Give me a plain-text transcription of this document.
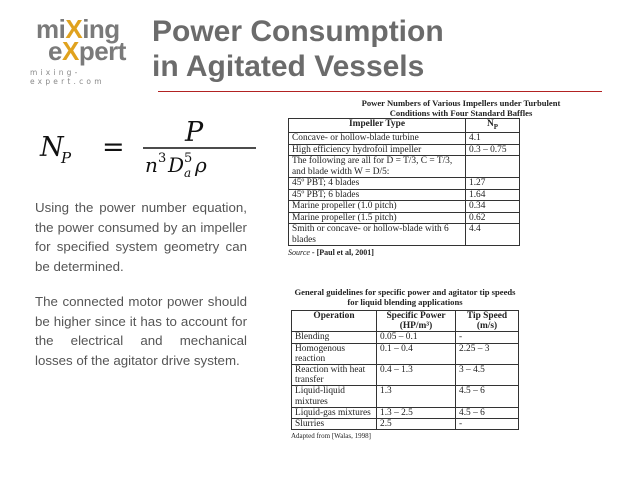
miXing
eXpert
mixing-expert.com
Power Consumption
in Agitated Vessels
N
P = P
n 3 D 5
a ρ

Using the power number equation, the power consumed by an impeller for specified system geometry can be determined.

The connected motor power should be higher since it has to account for the electrical and mechanical losses of the agitator drive system.

Power Numbers of Various Impellers under Turbulent Conditions with Four Standard Baffles
Impeller Type	$N_P$
Concave- or hollow-blade turbine	4.1
High efficiency hydrofoil impeller	0.3 – 0.75
The following are all for D = T/3, C = T/3, and blade width W = D/5:	
45º PBT; 4 blades	1.27
45º PBT; 6 blades	1.64
Marine propeller (1.0 pitch)	0.34
Marine propeller (1.5 pitch)	0.62
Smith or concave- or hollow-blade with 6 blades	4.4
Source - [Paul et al, 2001]
General guidelines for specific power and agitator tip speeds for liquid blending applications
Operation	Specific Power (HP/m³)	Tip Speed (m/s)
Blending	0.05 – 0.1	-
Homogenous reaction	0.1 – 0.4	2.25 – 3
Reaction with heat transfer	0.4 – 1.3	3 – 4.5
Liquid-liquid mixtures	1.3	4.5 – 6
Liquid-gas mixtures	1.3 – 2.5	4.5 – 6
Slurries	2.5	-
Adapted from [Walas, 1998]
